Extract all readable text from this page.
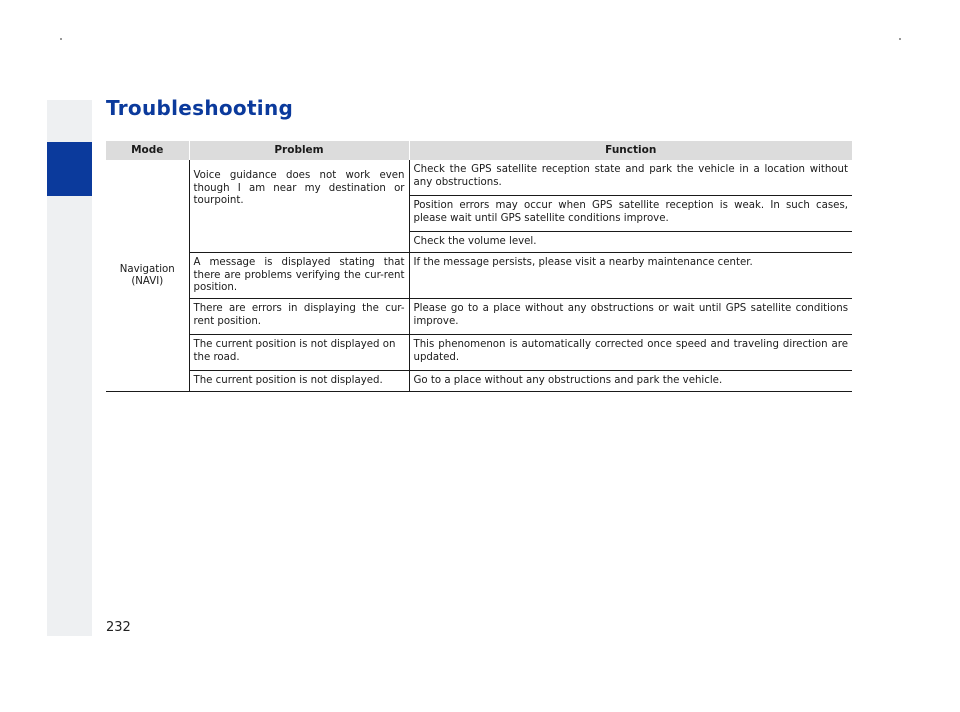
Troubleshooting
Mode	Problem	Function

Navigation
(NAVI)	Voice guidance does not work even though I am near my destination or tourpoint.	Check the GPS satellite reception state and park the vehicle in a location without any obstructions.
		Position errors may occur when GPS satellite reception is weak. In such cases, please wait until GPS satellite conditions improve.
		Check the volume level.
	A message is displayed stating that there are problems verifying the cur-rent position.	If the message persists, please visit a nearby maintenance center.
	There are errors in displaying the cur-rent position.	Please go to a place without any obstructions or wait until GPS satellite conditions improve.
	The current position is not displayed on the road.	This phenomenon is automatically corrected once speed and traveling direction are updated.
	The current position is not displayed.	Go to a place without any obstructions and park the vehicle.
232
